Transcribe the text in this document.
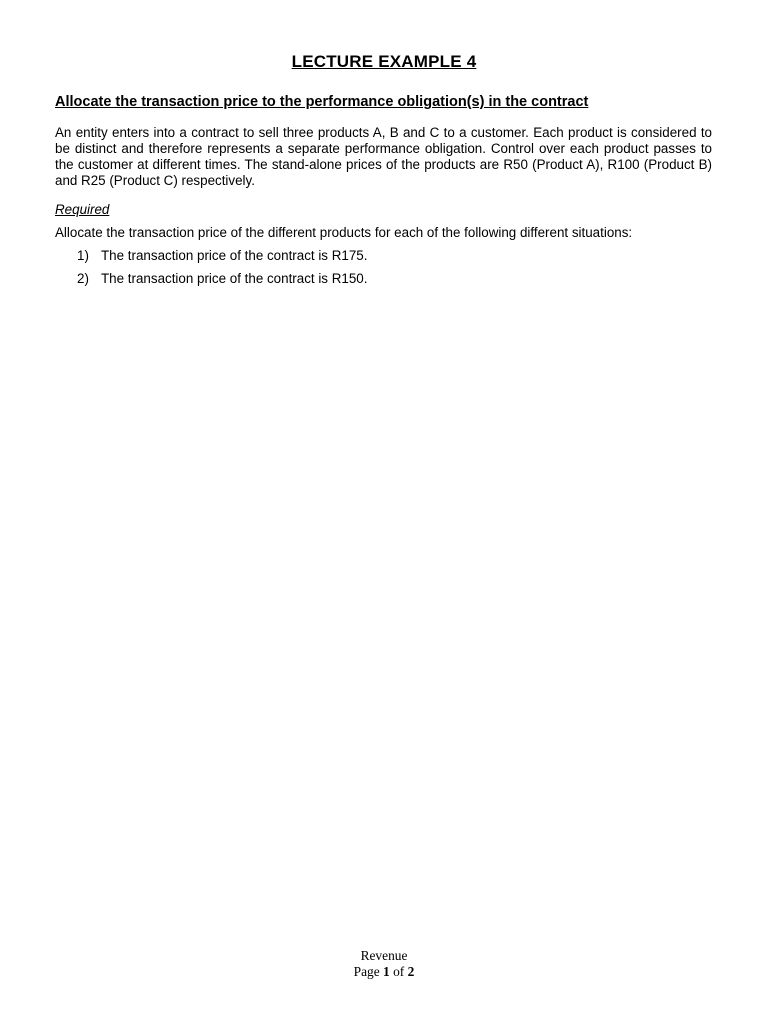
LECTURE EXAMPLE 4
Allocate the transaction price to the performance obligation(s) in the contract
An entity enters into a contract to sell three products A, B and C to a customer. Each product is considered to be distinct and therefore represents a separate performance obligation. Control over each product passes to the customer at different times. The stand-alone prices of the products are R50 (Product A), R100 (Product B) and R25 (Product C) respectively.
Required
Allocate the transaction price of the different products for each of the following different situations:
1) The transaction price of the contract is R175.
2) The transaction price of the contract is R150.
Revenue
Page 1 of 2
